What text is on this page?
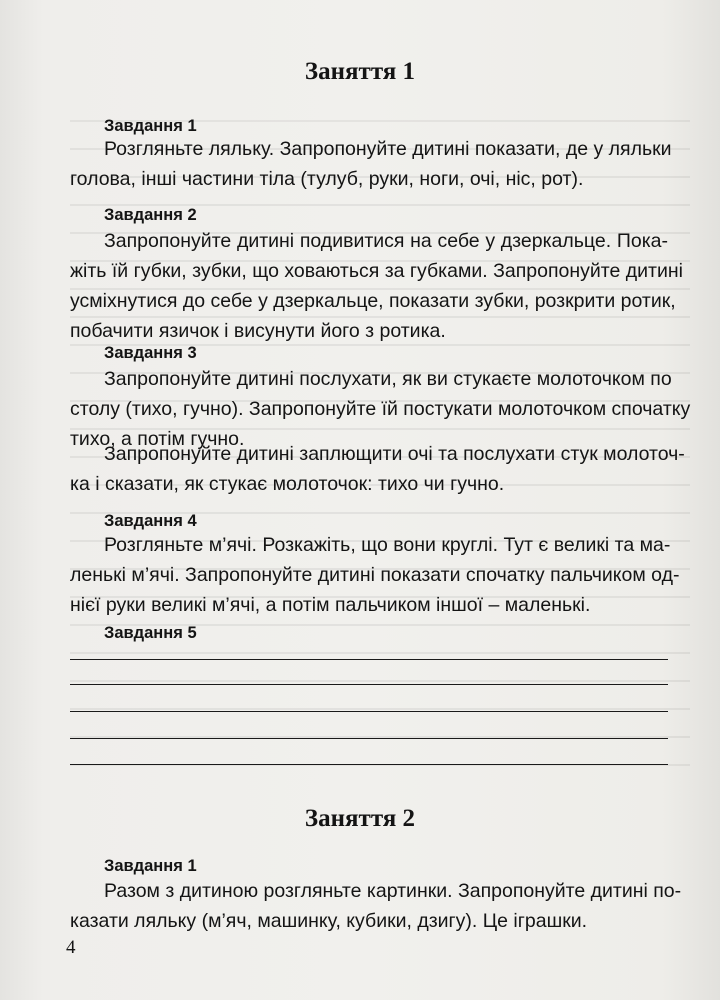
Заняття 1
Завдання 1
Розгляньте ляльку. Запропонуйте дитині показати, де у ляльки
голова, інші частини тіла (тулуб, руки, ноги, очі, ніс, рот).
Завдання 2
Запропонуйте дитині подивитися на себе у дзеркальце. Пока-
жіть їй губки, зубки, що ховаються за губками. Запропонуйте дитині
усміхнутися до себе у дзеркальце, показати зубки, розкрити ротик,
побачити язичок і висунути його з ротика.
Завдання 3
Запропонуйте дитині послухати, як ви стукаєте молоточком по
столу (тихо, гучно). Запропонуйте їй постукати молоточком спочатку
тихо, а потім гучно.
Запропонуйте дитині заплющити очі та послухати стук молоточ-
ка і сказати, як стукає молоточок: тихо чи гучно.
Завдання 4
Розгляньте м’ячі. Розкажіть, що вони круглі. Тут є великі та ма-
ленькі м’ячі. Запропонуйте дитині показати спочатку пальчиком од-
нієї руки великі м’ячі, а потім пальчиком іншої – маленькі.
Завдання 5
Заняття 2
Завдання 1
Разом з дитиною розгляньте картинки. Запропонуйте дитині по-
казати ляльку (м’яч, машинку, кубики, дзигу). Це іграшки.
4
